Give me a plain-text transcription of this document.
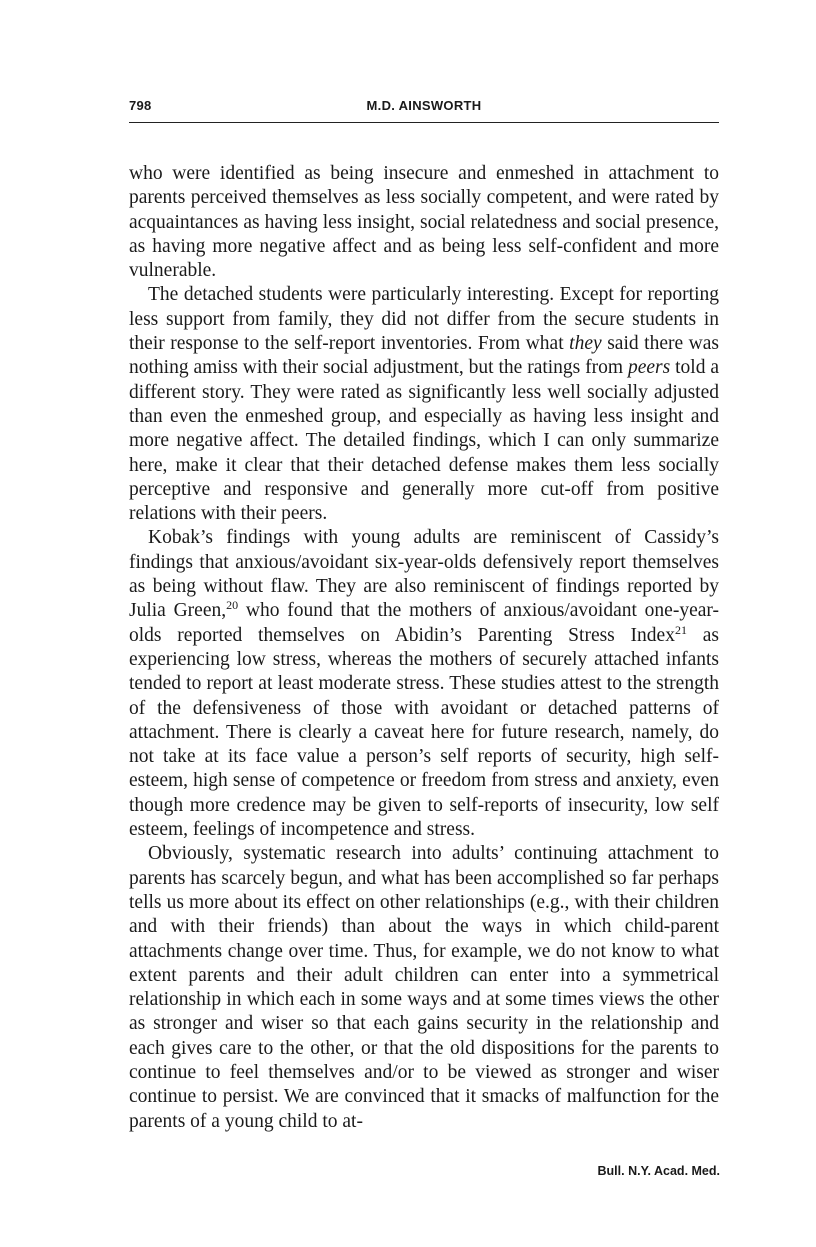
798	M.D. AINSWORTH

who were identified as being insecure and enmeshed in attachment to parents perceived themselves as less socially competent, and were rated by acquaintances as having less insight, social relatedness and social presence, as having more negative affect and as being less self-confident and more vulnerable.

The detached students were particularly interesting. Except for reporting less support from family, they did not differ from the secure students in their response to the self-report inventories. From what they said there was nothing amiss with their social adjustment, but the ratings from peers told a different story. They were rated as significantly less well socially adjusted than even the enmeshed group, and especially as having less insight and more negative affect. The detailed findings, which I can only summarize here, make it clear that their detached defense makes them less socially perceptive and responsive and generally more cut-off from positive relations with their peers.

Kobak’s findings with young adults are reminiscent of Cassidy’s findings that anxious/avoidant six-year-olds defensively report themselves as being without flaw. They are also reminiscent of findings reported by Julia Green,$^{20}$ who found that the mothers of anxious/avoidant one-year-olds reported themselves on Abidin’s Parenting Stress Index$^{21}$ as experiencing low stress, whereas the mothers of securely attached infants tended to report at least moderate stress. These studies attest to the strength of the defensiveness of those with avoidant or detached patterns of attachment. There is clearly a caveat here for future research, namely, do not take at its face value a person’s self reports of security, high self-esteem, high sense of competence or freedom from stress and anxiety, even though more credence may be given to self-reports of insecurity, low self esteem, feelings of incompetence and stress.

Obviously, systematic research into adults’ continuing attachment to parents has scarcely begun, and what has been accomplished so far perhaps tells us more about its effect on other relationships (e.g., with their children and with their friends) than about the ways in which child-parent attachments change over time. Thus, for example, we do not know to what extent parents and their adult children can enter into a symmetrical relationship in which each in some ways and at some times views the other as stronger and wiser so that each gains security in the relationship and each gives care to the other, or that the old dispositions for the parents to continue to feel themselves and/or to be viewed as stronger and wiser continue to persist. We are convinced that it smacks of malfunction for the parents of a young child to at-

Bull. N.Y. Acad. Med.
